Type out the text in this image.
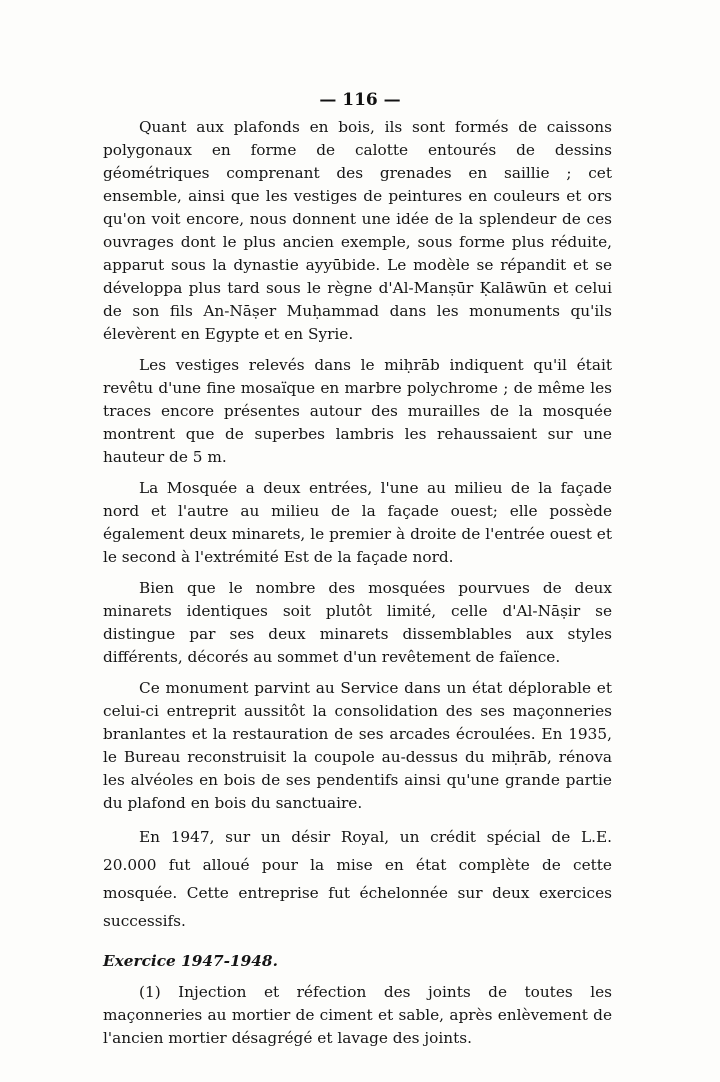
— 116 —

Quant aux plafonds en bois, ils sont formés de caissons polygonaux en forme de calotte entourés de dessins géométriques comprenant des grenades en saillie ; cet ensemble, ainsi que les vestiges de peintures en couleurs et ors qu'on voit encore, nous donnent une idée de la splendeur de ces ouvrages dont le plus ancien exemple, sous forme plus réduite, apparut sous la dynastie ayyūbide. Le modèle se répandit et se développa plus tard sous le règne d'Al-Manṣūr Ḳalāwūn et celui de son fils An-Nāṣer Muḥammad dans les monuments qu'ils élevèrent en Egypte et en Syrie.

Les vestiges relevés dans le miḥrāb indiquent qu'il était revêtu d'une fine mosaïque en marbre polychrome ; de même les traces encore présentes autour des murailles de la mosquée montrent que de superbes lambris les rehaussaient sur une hauteur de 5 m.

La Mosquée a deux entrées, l'une au milieu de la façade nord et l'autre au milieu de la façade ouest; elle possède également deux minarets, le premier à droite de l'entrée ouest et le second à l'extrémité Est de la façade nord.

Bien que le nombre des mosquées pourvues de deux minarets identiques soit plutôt limité, celle d'Al-Nāṣir se distingue par ses deux minarets dissemblables aux styles différents, décorés au sommet d'un revêtement de faïence.

Ce monument parvint au Service dans un état déplorable et celui-ci entreprit aussitôt la consolidation des ses maçonneries branlantes et la restauration de ses arcades écroulées. En 1935, le Bureau reconstruisit la coupole au-dessus du miḥrāb, rénova les alvéoles en bois de ses pendentifs ainsi qu'une grande partie du plafond en bois du sanctuaire.

En 1947, sur un désir Royal, un crédit spécial de L.E. 20.000 fut alloué pour la mise en état complète de cette mosquée. Cette entreprise fut échelonnée sur deux exercices successifs.

Exercice 1947-1948.

(1) Injection et réfection des joints de toutes les maçonneries au mortier de ciment et sable, après enlèvement de l'ancien mortier désagrégé et lavage des joints.
